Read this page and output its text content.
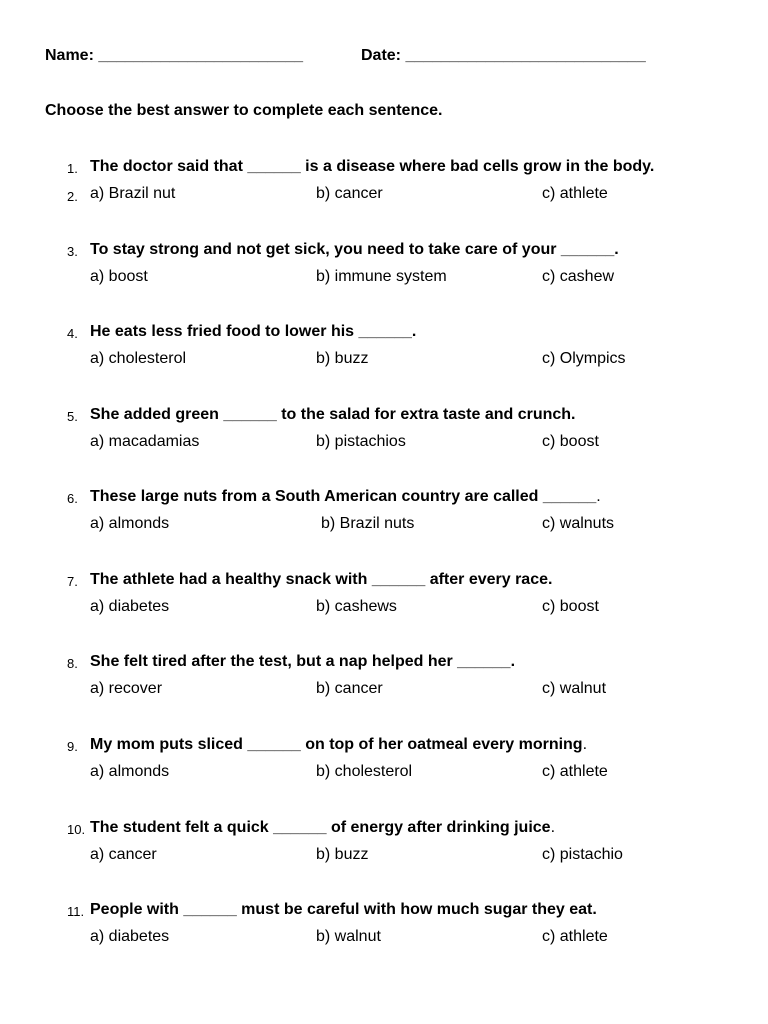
Name: _______________________	Date: ___________________________
Choose the best answer to complete each sentence.
1. The doctor said that ______ is a disease where bad cells grow in the body.
2. a) Brazil nut	b) cancer	c) athlete
3. To stay strong and not get sick, you need to take care of your ______.
a) boost	b) immune system	c) cashew
4. He eats less fried food to lower his ______.
a) cholesterol	b) buzz	c) Olympics
5. She added green ______ to the salad for extra taste and crunch.
a) macadamias	b) pistachios	c) boost
6. These large nuts from a South American country are called ______.
a) almonds	b) Brazil nuts	c) walnuts
7. The athlete had a healthy snack with ______ after every race.
a) diabetes	b) cashews	c) boost
8. She felt tired after the test, but a nap helped her ______.
a) recover	b) cancer	c) walnut
9. My mom puts sliced ______ on top of her oatmeal every morning.
a) almonds	b) cholesterol	c) athlete
10. The student felt a quick ______ of energy after drinking juice.
a) cancer	b) buzz	c) pistachio
11. People with ______ must be careful with how much sugar they eat.
a) diabetes	b) walnut	c) athlete
